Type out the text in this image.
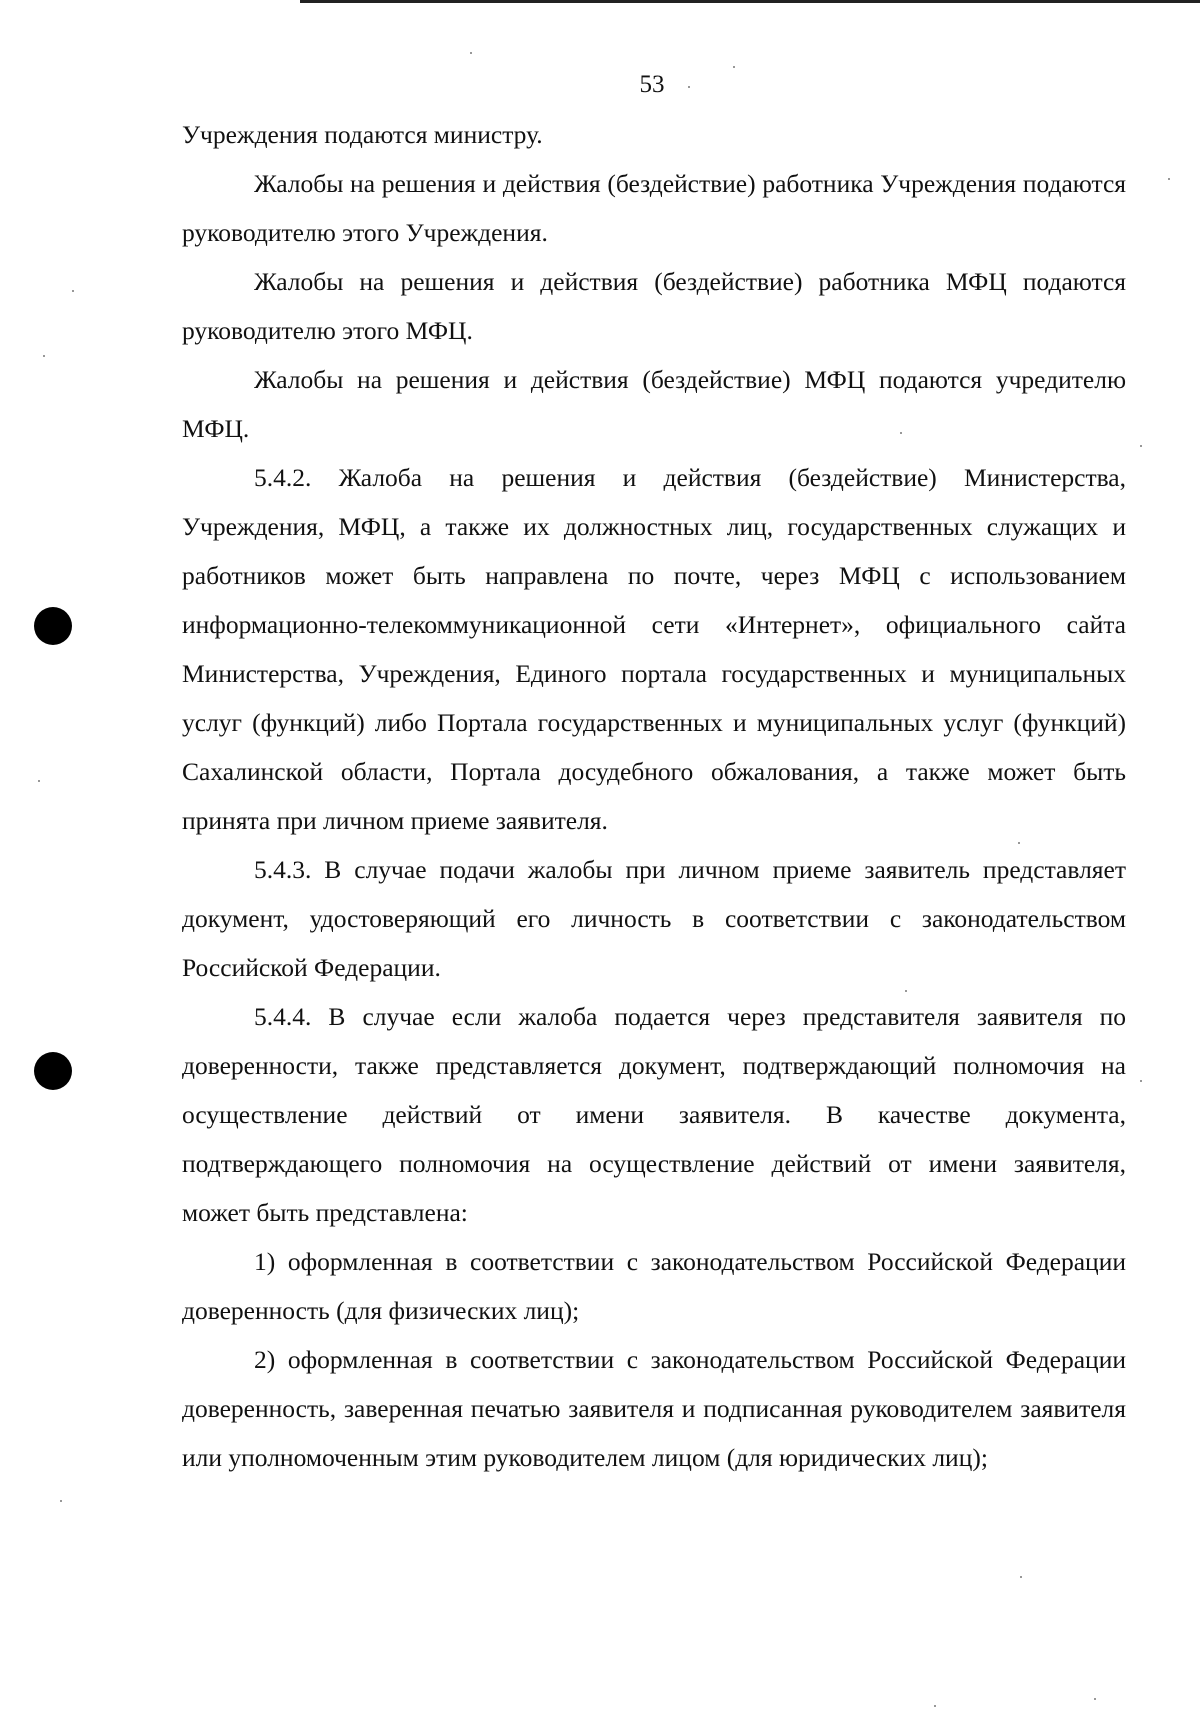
53

Учреждения подаются министру.

Жалобы на решения и действия (бездействие) работника Учреждения подаются руководителю этого Учреждения.

Жалобы на решения и действия (бездействие) работника МФЦ подаются руководителю этого МФЦ.

Жалобы на решения и действия (бездействие) МФЦ подаются учредителю МФЦ.

5.4.2. Жалоба на решения и действия (бездействие) Министерства, Учреждения, МФЦ, а также их должностных лиц, государственных служащих и работников может быть направлена по почте, через МФЦ с использованием информационно-телекоммуникационной сети «Интернет», официального сайта Министерства, Учреждения, Единого портала государственных и муниципальных услуг (функций) либо Портала государственных и муниципальных услуг (функций) Сахалинской области, Портала досудебного обжалования, а также может быть принята при личном приеме заявителя.

5.4.3. В случае подачи жалобы при личном приеме заявитель представляет документ, удостоверяющий его личность в соответствии с законодательством Российской Федерации.

5.4.4. В случае если жалоба подается через представителя заявителя по доверенности, также представляется документ, подтверждающий полномочия на осуществление действий от имени заявителя. В качестве документа, подтверждающего полномочия на осуществление действий от имени заявителя, может быть представлена:

1) оформленная в соответствии с законодательством Российской Федерации доверенность (для физических лиц);

2) оформленная в соответствии с законодательством Российской Федерации доверенность, заверенная печатью заявителя и подписанная руководителем заявителя или уполномоченным этим руководителем лицом (для юридических лиц);
